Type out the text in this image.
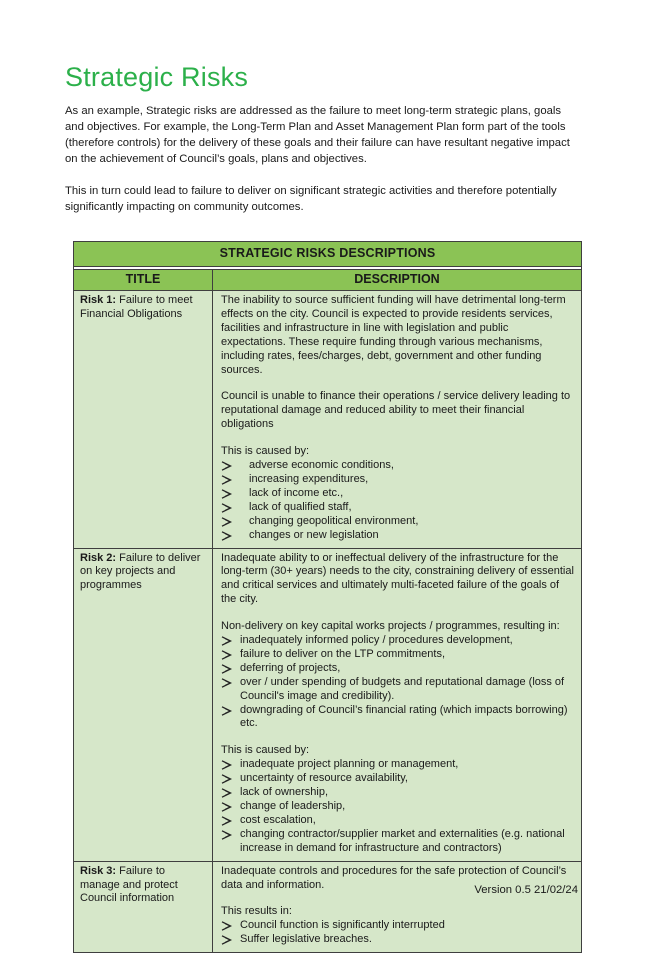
Strategic Risks

As an example, Strategic risks are addressed as the failure to meet long-term strategic plans, goals and objectives. For example, the Long-Term Plan and Asset Management Plan form part of the tools (therefore controls) for the delivery of these goals and their failure can have resultant negative impact on the achievement of Council’s goals, plans and objectives.

This in turn could lead to failure to deliver on significant strategic activities and therefore potentially significantly impacting on community outcomes.

STRATEGIC RISKS DESCRIPTIONS
TITLE	DESCRIPTION
Risk 1: Failure to meet Financial Obligations
The inability to source sufficient funding will have detrimental long-term effects on the city. Council is expected to provide residents services, facilities and infrastructure in line with legislation and public expectations. These require funding through various mechanisms, including rates, fees/charges, debt, government and other funding sources.
Council is unable to finance their operations / service delivery leading to reputational damage and reduced ability to meet their financial obligations
This is caused by:
adverse economic conditions,
increasing expenditures,
lack of income etc.,
lack of qualified staff,
changing geopolitical environment,
changes or new legislation
Risk 2: Failure to deliver on key projects and programmes
Inadequate ability to or ineffectual delivery of the infrastructure for the long-term (30+ years) needs to the city, constraining delivery of essential and critical services and ultimately multi-faceted failure of the goals of the city.
Non-delivery on key capital works projects / programmes, resulting in:
inadequately informed policy / procedures development,
failure to deliver on the LTP commitments,
deferring of projects,
over / under spending of budgets and reputational damage (loss of Council's image and credibility).
downgrading of Council’s financial rating (which impacts borrowing) etc.
This is caused by:
inadequate project planning or management,
uncertainty of resource availability,
lack of ownership,
change of leadership,
cost escalation,
changing contractor/supplier market and externalities (e.g. national increase in demand for infrastructure and contractors)
Risk 3: Failure to manage and protect Council information
Inadequate controls and procedures for the safe protection of Council’s data and information.
This results in:
Council function is significantly interrupted
Suffer legislative breaches.
Version 0.5 21/02/24
